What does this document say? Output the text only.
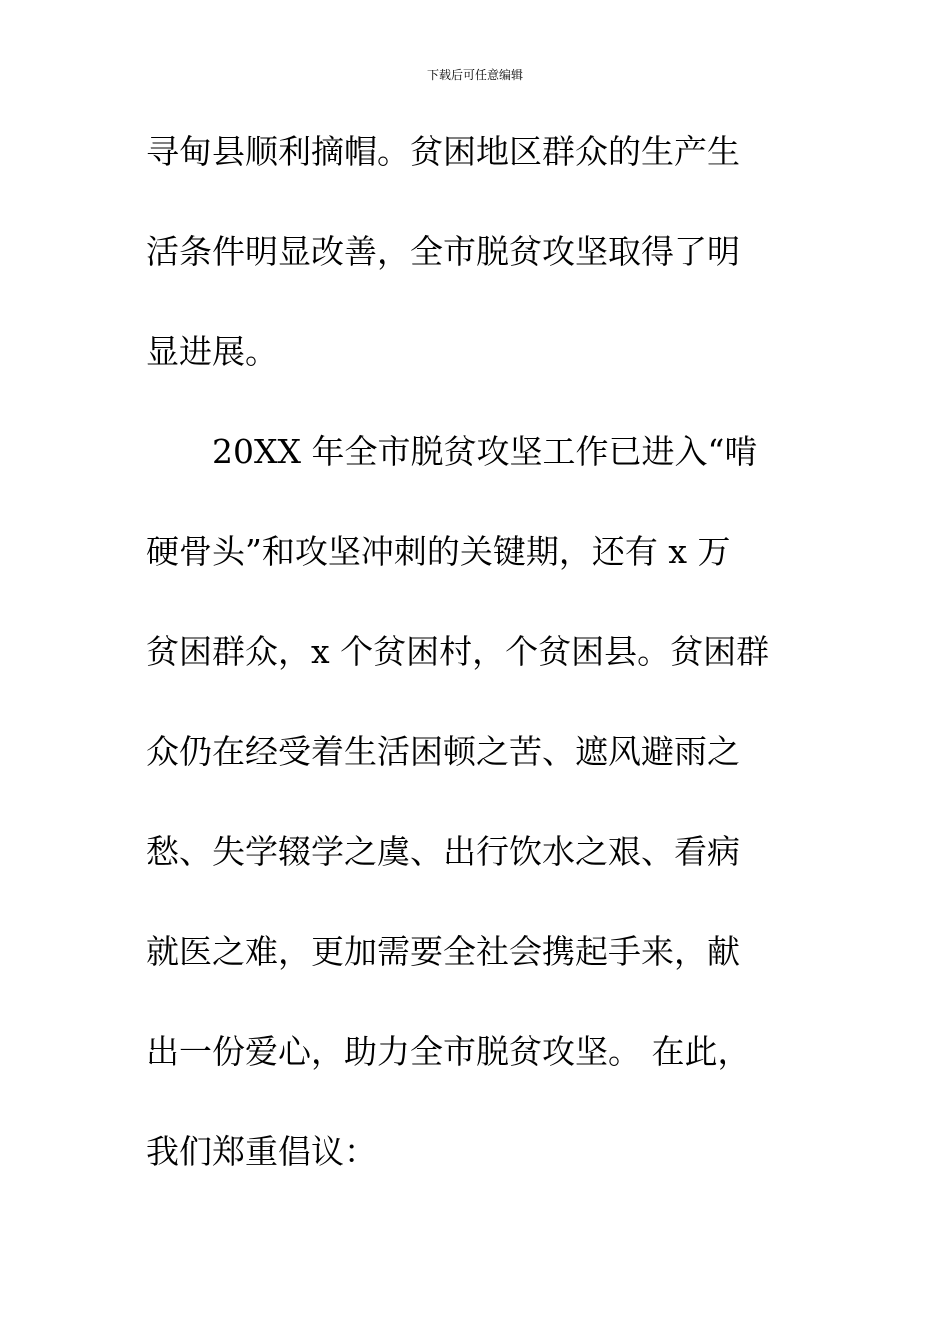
下载后可任意编辑
寻甸县顺利摘帽。贫困地区群众的生产生
活条件明显改善，全市脱贫攻坚取得了明
显进展。
20XX 年全市脱贫攻坚工作已进入“啃
硬骨头”和攻坚冲刺的关键期，还有 x 万
贫困群众，x 个贫困村，个贫困县。贫困群
众仍在经受着生活困顿之苦、遮风避雨之
愁、失学辍学之虞、出行饮水之艰、看病
就医之难，更加需要全社会携起手来，献
出一份爱心，助力全市脱贫攻坚。 在此，
我们郑重倡议：
